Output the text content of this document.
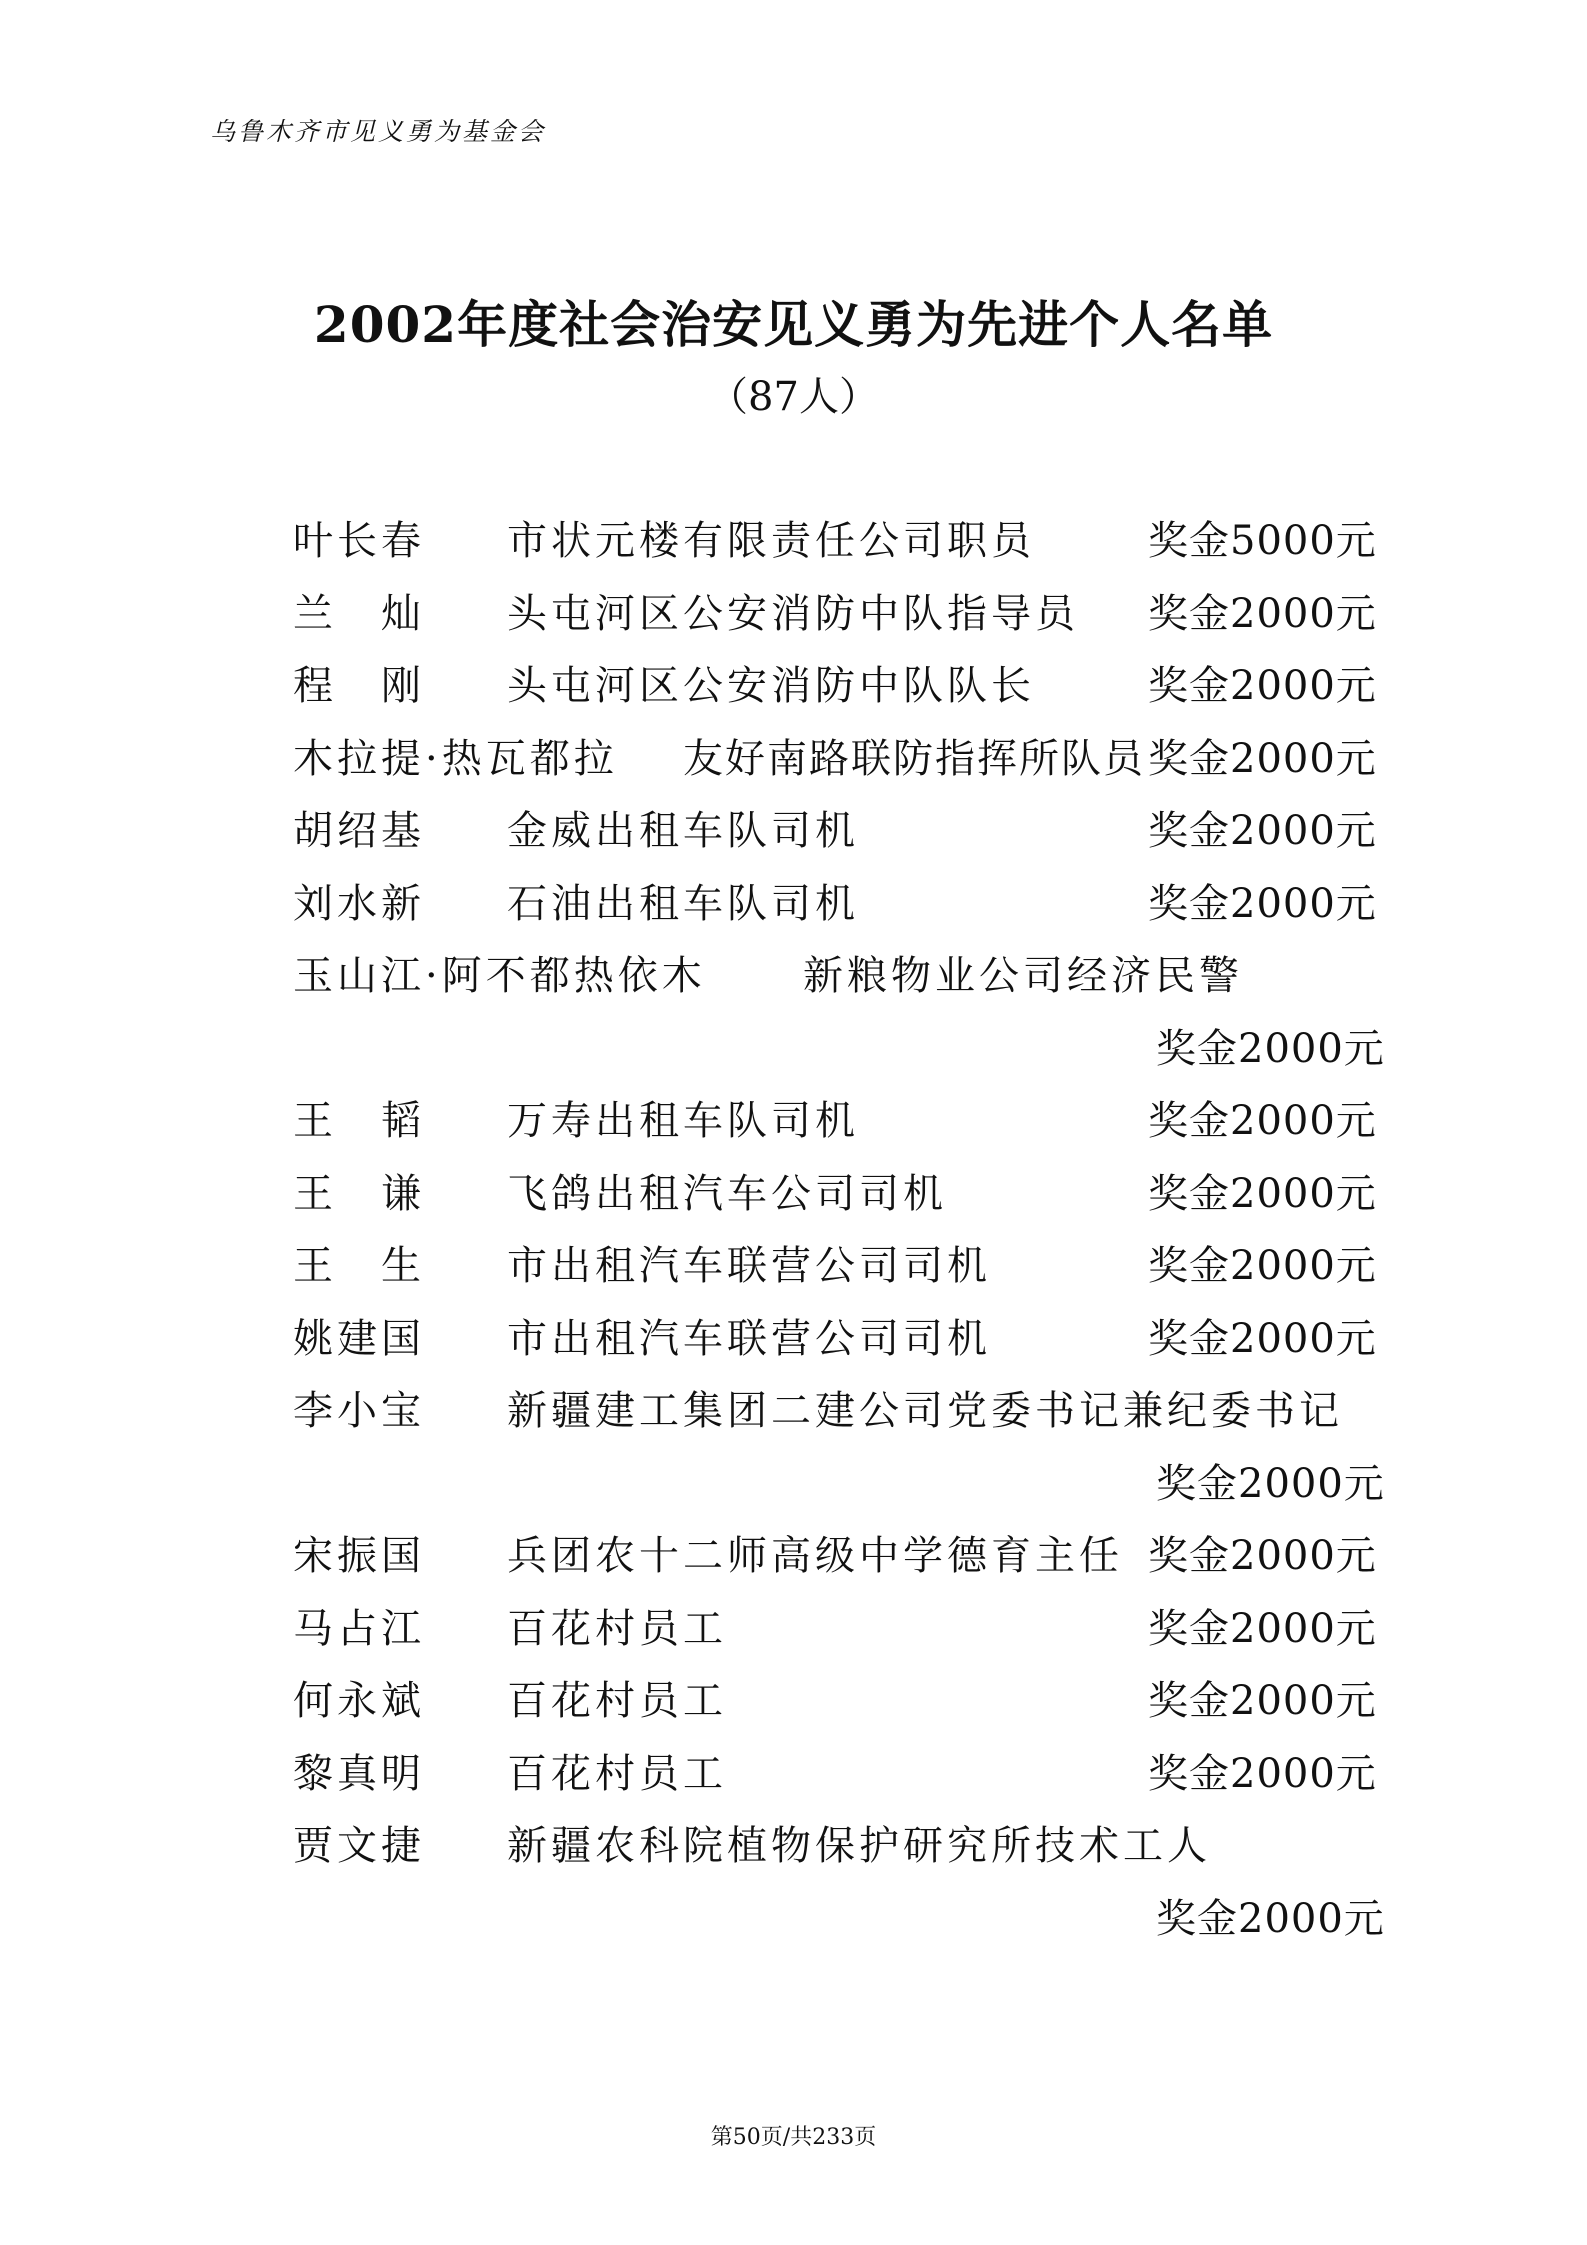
乌鲁木齐市见义勇为基金会
2002年度社会治安见义勇为先进个人名单
（87人）
叶长春 市状元楼有限责任公司职员	奖金5000元
兰　灿 头屯河区公安消防中队指导员 奖金2000元
程　刚 头屯河区公安消防中队队长	奖金2000元
木拉提·热瓦都拉 友好南路联防指挥所队员 奖金2000元
胡绍基 金威出租车队司机	奖金2000元
刘水新 石油出租车队司机	奖金2000元
玉山江·阿不都热依木 新粮物业公司经济民警
奖金2000元
王　韬 万寿出租车队司机	奖金2000元
王　谦 飞鸽出租汽车公司司机	奖金2000元
王　生 市出租汽车联营公司司机	奖金2000元
姚建国 市出租汽车联营公司司机	奖金2000元
李小宝 新疆建工集团二建公司党委书记兼纪委书记
奖金2000元
宋振国 兵团农十二师高级中学德育主任 奖金2000元
马占江 百花村员工	奖金2000元
何永斌 百花村员工	奖金2000元
黎真明 百花村员工	奖金2000元
贾文捷 新疆农科院植物保护研究所技术工人
奖金2000元
第50页/共233页
